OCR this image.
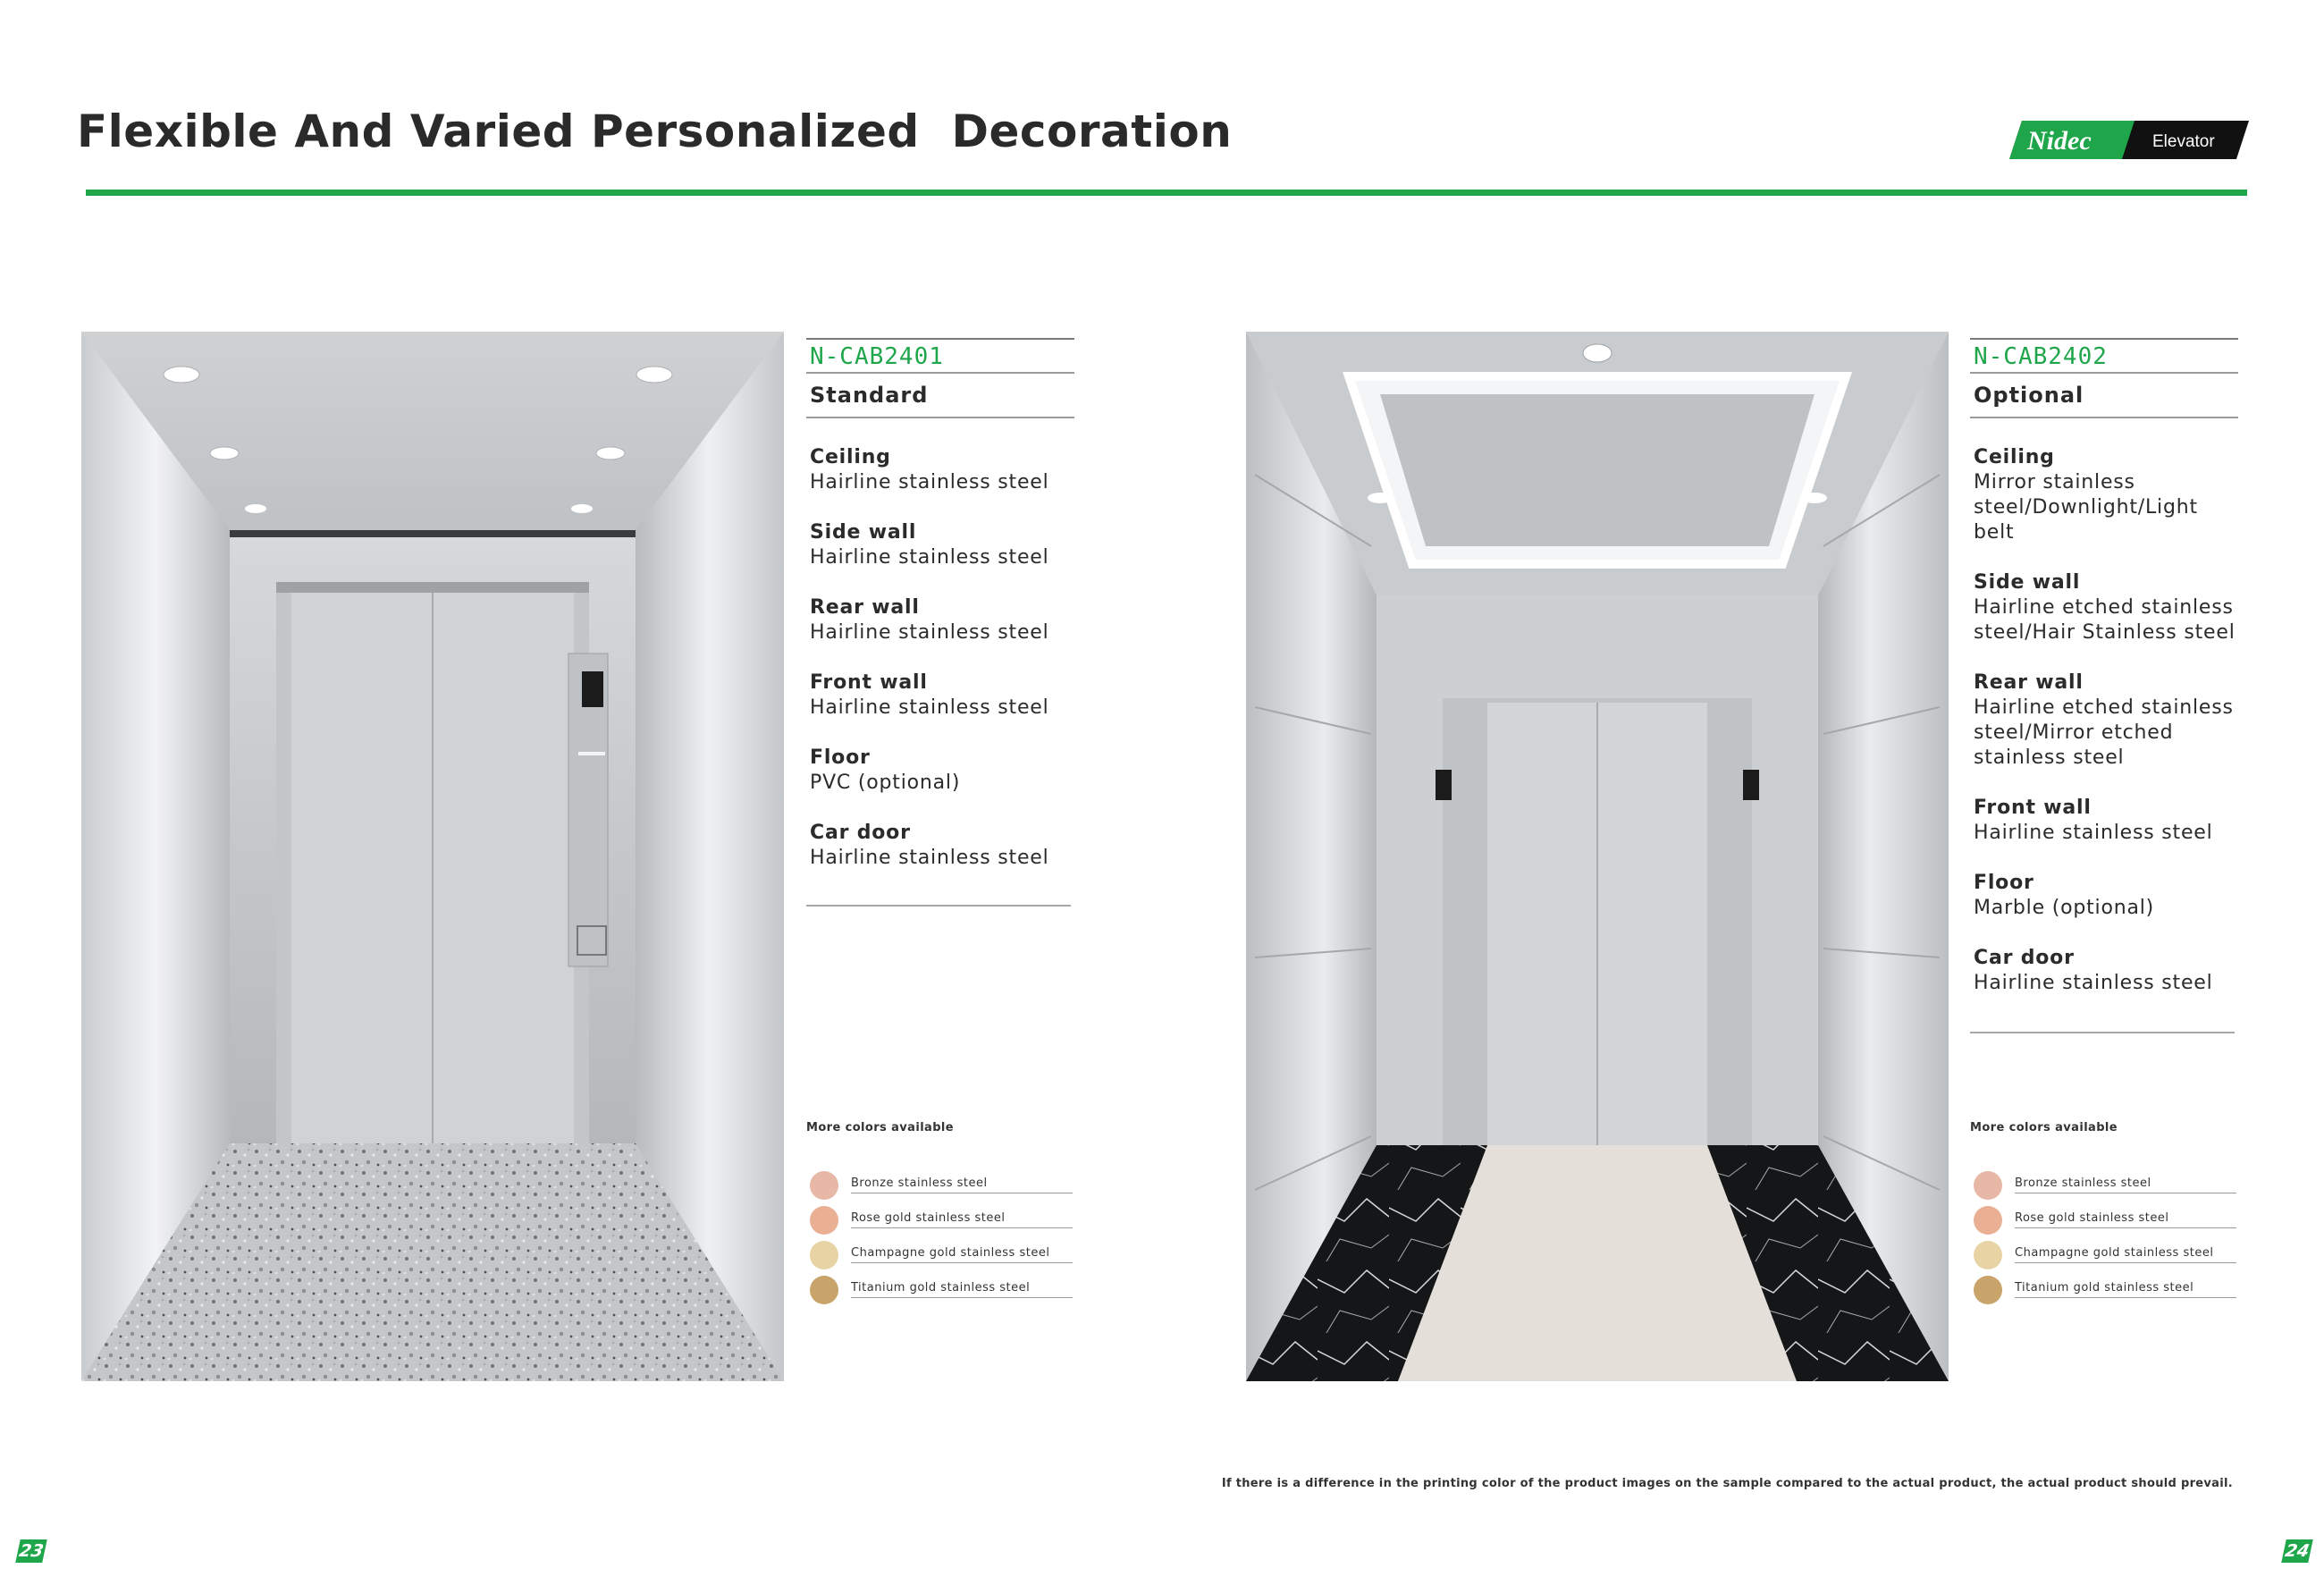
Flexible And Varied Personalized  Decoration	Nidec	Elevator
N-CAB2401
Standard
Ceiling
Hairline stainless steel
Side wall
Hairline stainless steel
Rear wall
Hairline stainless steel
Front wall
Hairline stainless steel
Floor
PVC (optional)
Car door
Hairline stainless steel
More colors available
Bronze stainless steel
Rose gold stainless steel
Champagne gold stainless steel
Titanium gold stainless steel
N-CAB2402
Optional
Ceiling
Mirror stainless steel/Downlight/Light belt
Side wall
Hairline etched stainless steel/Hair Stainless steel
Rear wall
Hairline etched stainless steel/Mirror etched stainless steel
Front wall
Hairline stainless steel
Floor
Marble (optional)
Car door
Hairline stainless steel
More colors available
Bronze stainless steel
Rose gold stainless steel
Champagne gold stainless steel
Titanium gold stainless steel
If there is a difference in the printing color of the product images on the sample compared to the actual product, the actual product should prevail.
23	24
